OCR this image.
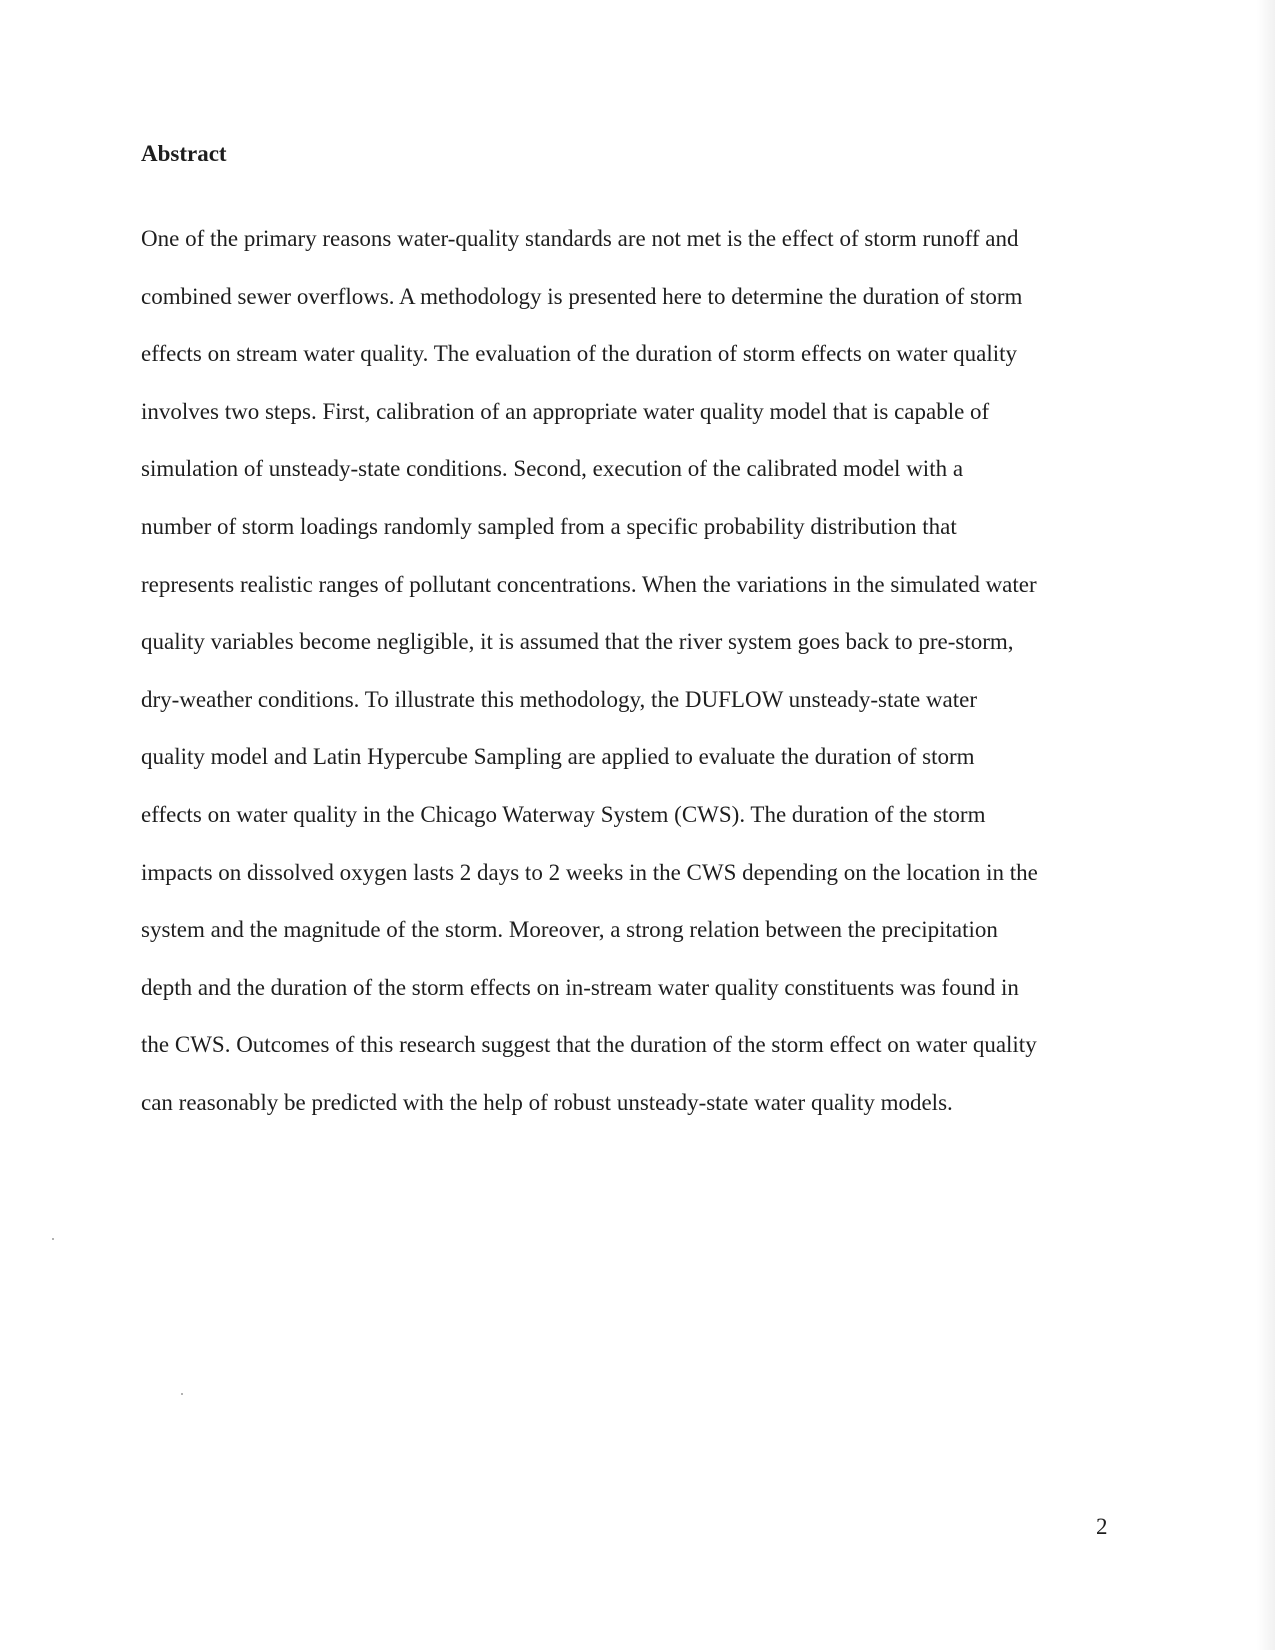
Abstract
One of the primary reasons water-quality standards are not met is the effect of storm runoff and
combined sewer overflows. A methodology is presented here to determine the duration of storm
effects on stream water quality. The evaluation of the duration of storm effects on water quality
involves two steps. First, calibration of an appropriate water quality model that is capable of
simulation of unsteady-state conditions. Second, execution of the calibrated model with a
number of storm loadings randomly sampled from a specific probability distribution that
represents realistic ranges of pollutant concentrations. When the variations in the simulated water
quality variables become negligible, it is assumed that the river system goes back to pre-storm,
dry-weather conditions. To illustrate this methodology, the DUFLOW unsteady-state water
quality model and Latin Hypercube Sampling are applied to evaluate the duration of storm
effects on water quality in the Chicago Waterway System (CWS). The duration of the storm
impacts on dissolved oxygen lasts 2 days to 2 weeks in the CWS depending on the location in the
system and the magnitude of the storm. Moreover, a strong relation between the precipitation
depth and the duration of the storm effects on in-stream water quality constituents was found in
the CWS. Outcomes of this research suggest that the duration of the storm effect on water quality
can reasonably be predicted with the help of robust unsteady-state water quality models.
2
